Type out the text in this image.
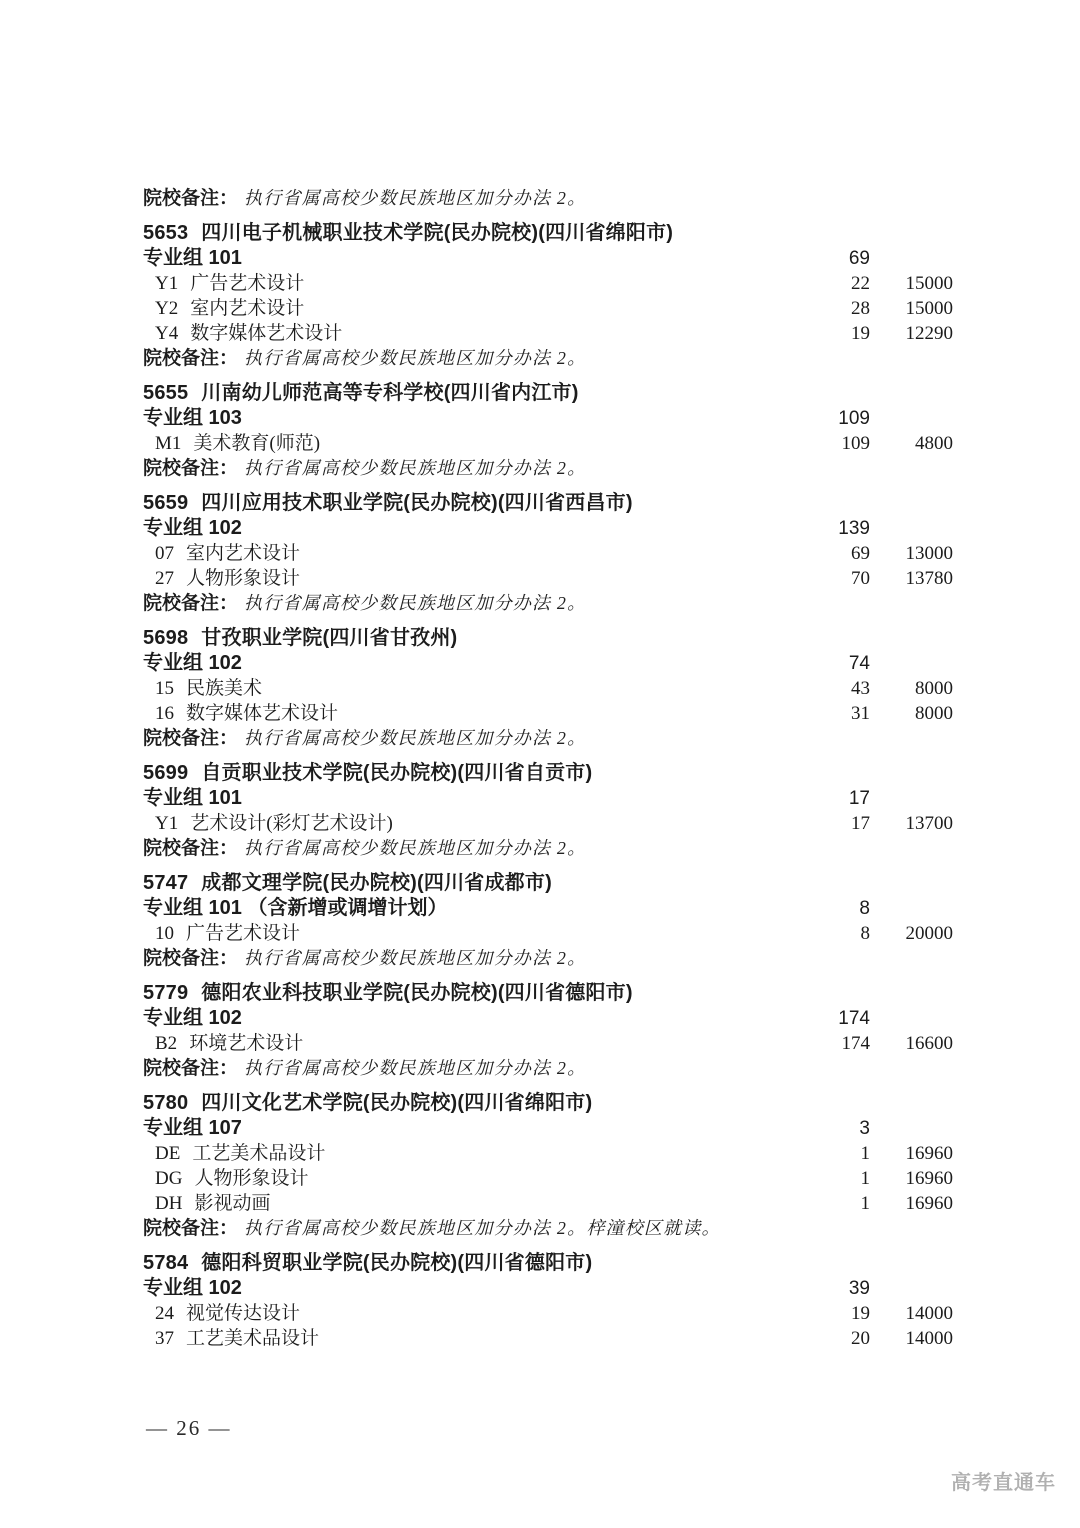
院校备注： 执行省属高校少数民族地区加分办法 2。
5653 四川电子机械职业技术学院(民办院校)(四川省绵阳市)
专业组 101	69
Y1 广告艺术设计	22	15000
Y2 室内艺术设计	28	15000
Y4 数字媒体艺术设计	19	12290
院校备注： 执行省属高校少数民族地区加分办法 2。
5655 川南幼儿师范高等专科学校(四川省内江市)
专业组 103	109
M1 美术教育(师范)	109	4800
院校备注： 执行省属高校少数民族地区加分办法 2。
5659 四川应用技术职业学院(民办院校)(四川省西昌市)
专业组 102	139
07 室内艺术设计	69	13000
27 人物形象设计	70	13780
院校备注： 执行省属高校少数民族地区加分办法 2。
5698 甘孜职业学院(四川省甘孜州)
专业组 102	74
15 民族美术	43	8000
16 数字媒体艺术设计	31	8000
院校备注： 执行省属高校少数民族地区加分办法 2。
5699 自贡职业技术学院(民办院校)(四川省自贡市)
专业组 101	17
Y1 艺术设计(彩灯艺术设计)	17	13700
院校备注： 执行省属高校少数民族地区加分办法 2。
5747 成都文理学院(民办院校)(四川省成都市)
专业组 101 （含新增或调增计划）	8
10 广告艺术设计	8	20000
院校备注： 执行省属高校少数民族地区加分办法 2。
5779 德阳农业科技职业学院(民办院校)(四川省德阳市)
专业组 102	174
B2 环境艺术设计	174	16600
院校备注： 执行省属高校少数民族地区加分办法 2。
5780 四川文化艺术学院(民办院校)(四川省绵阳市)
专业组 107	3
DE 工艺美术品设计	1	16960
DG 人物形象设计	1	16960
DH 影视动画	1	16960
院校备注： 执行省属高校少数民族地区加分办法 2。梓潼校区就读。
5784 德阳科贸职业学院(民办院校)(四川省德阳市)
专业组 102	39
24 视觉传达设计	19	14000
37 工艺美术品设计	20	14000
— 26 —
高考直通车
